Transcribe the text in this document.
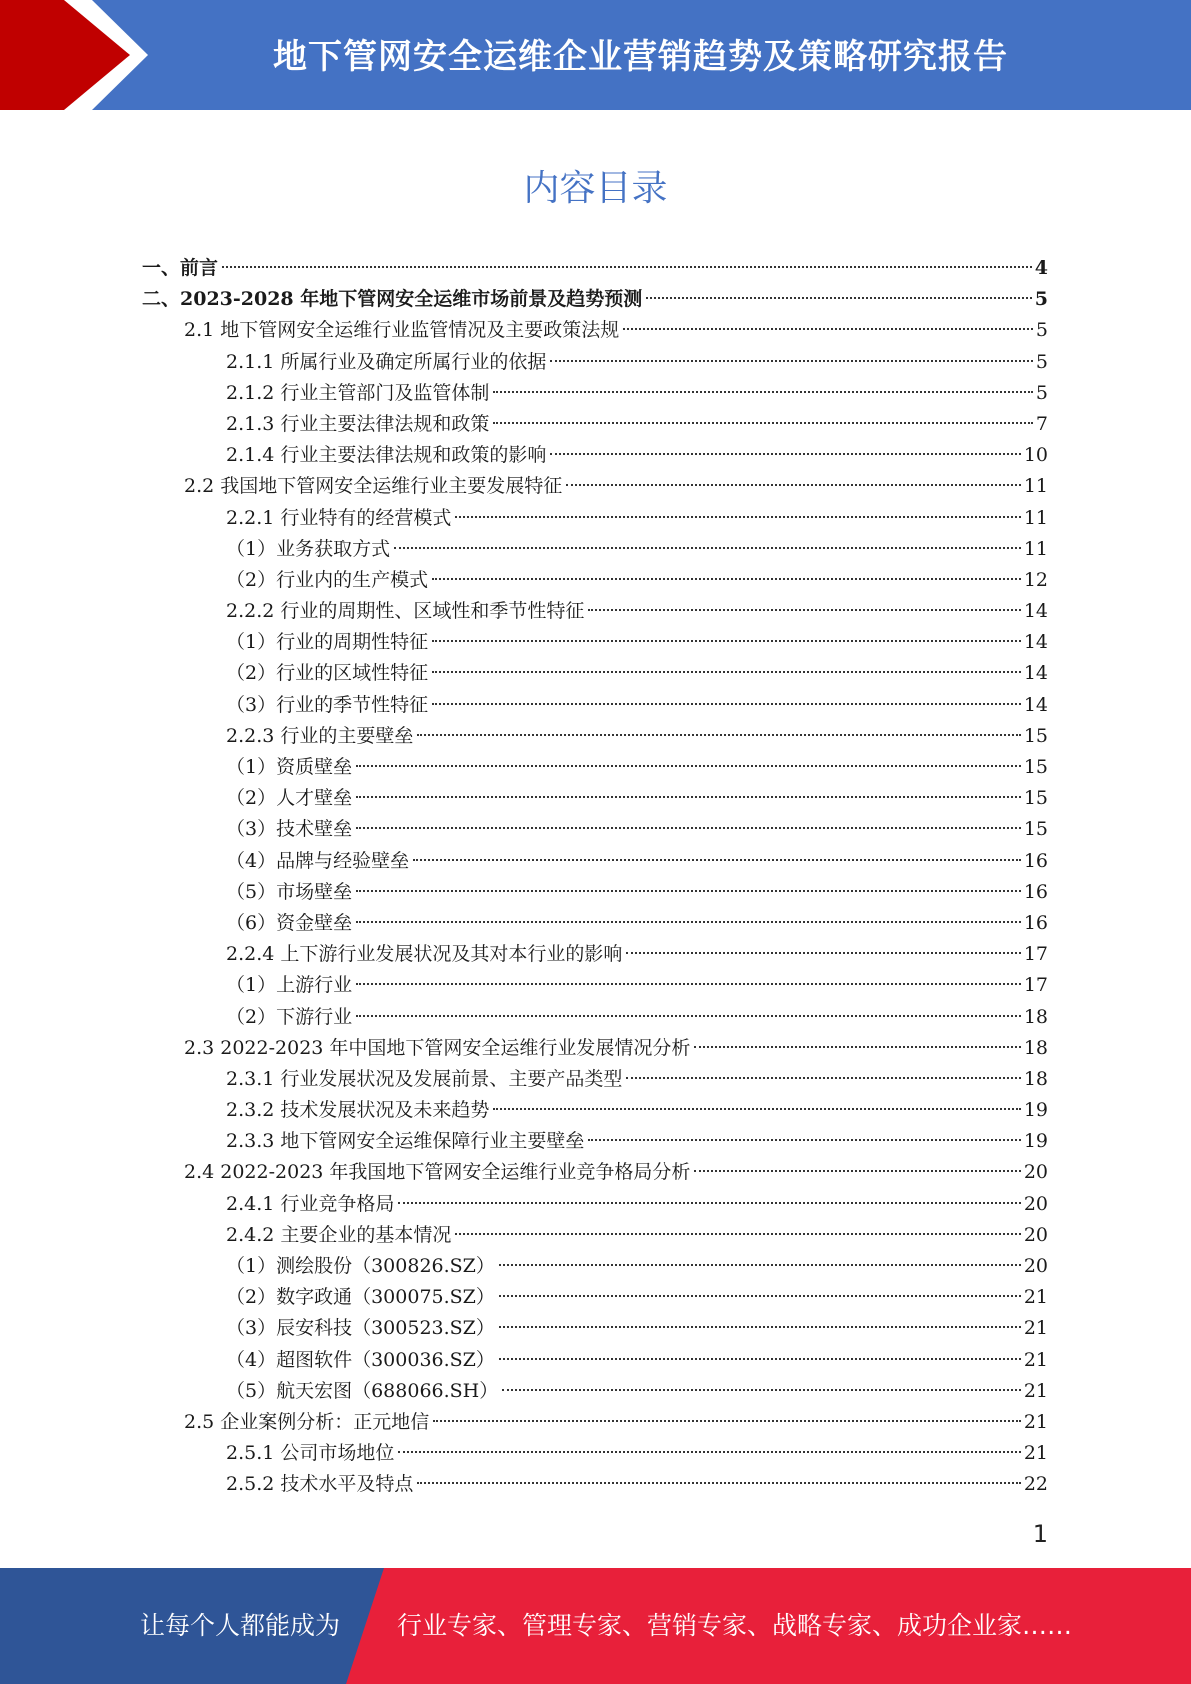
地下管网安全运维企业营销趋势及策略研究报告
内容目录
一、前言	4
二、2023-2028 年地下管网安全运维市场前景及趋势预测	5
2.1 地下管网安全运维行业监管情况及主要政策法规	5
2.1.1 所属行业及确定所属行业的依据	5
2.1.2 行业主管部门及监管体制	5
2.1.3 行业主要法律法规和政策	7
2.1.4 行业主要法律法规和政策的影响	10
2.2 我国地下管网安全运维行业主要发展特征	11
2.2.1 行业特有的经营模式	11
（1）业务获取方式	11
（2）行业内的生产模式	12
2.2.2 行业的周期性、区域性和季节性特征	14
（1）行业的周期性特征	14
（2）行业的区域性特征	14
（3）行业的季节性特征	14
2.2.3 行业的主要壁垒	15
（1）资质壁垒	15
（2）人才壁垒	15
（3）技术壁垒	15
（4）品牌与经验壁垒	16
（5）市场壁垒	16
（6）资金壁垒	16
2.2.4 上下游行业发展状况及其对本行业的影响	17
（1）上游行业	17
（2）下游行业	18
2.3 2022-2023 年中国地下管网安全运维行业发展情况分析	18
2.3.1 行业发展状况及发展前景、主要产品类型	18
2.3.2 技术发展状况及未来趋势	19
2.3.3 地下管网安全运维保障行业主要壁垒	19
2.4 2022-2023 年我国地下管网安全运维行业竞争格局分析	20
2.4.1 行业竞争格局	20
2.4.2 主要企业的基本情况	20
（1）测绘股份（300826.SZ）	20
（2）数字政通（300075.SZ）	21
（3）辰安科技（300523.SZ）	21
（4）超图软件（300036.SZ）	21
（5）航天宏图（688066.SH）	21
2.5 企业案例分析：正元地信	21
2.5.1 公司市场地位	21
2.5.2 技术水平及特点	22
1
让每个人都能成为 行业专家、管理专家、营销专家、战略专家、成功企业家……
